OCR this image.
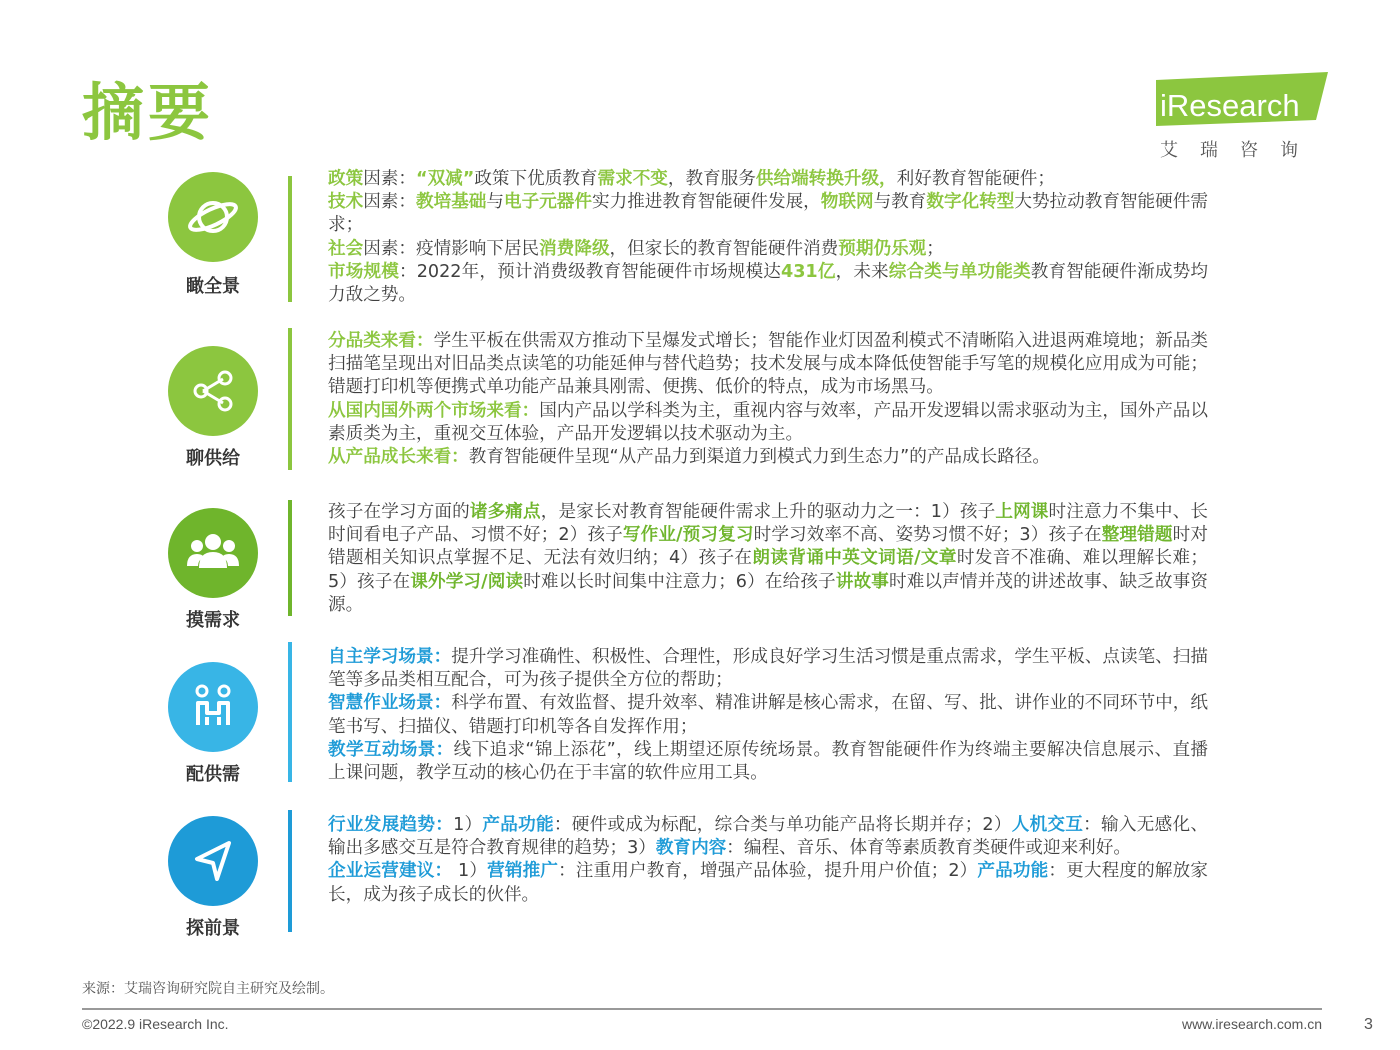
摘要	iResearch
艾瑞咨询
瞰全景
政策因素：“双减”政策下优质教育需求不变，教育服务供给端转换升级，利好教育智能硬件；
技术因素：教培基础与电子元器件实力推进教育智能硬件发展，物联网与教育数字化转型大势拉动教育智能硬件需求；
社会因素：疫情影响下居民消费降级，但家长的教育智能硬件消费预期仍乐观；
市场规模：2022年，预计消费级教育智能硬件市场规模达431亿，未来综合类与单功能类教育智能硬件渐成势均力敌之势。
聊供给
分品类来看：学生平板在供需双方推动下呈爆发式增长；智能作业灯因盈利模式不清晰陷入进退两难境地；新品类扫描笔呈现出对旧品类点读笔的功能延伸与替代趋势；技术发展与成本降低使智能手写笔的规模化应用成为可能；错题打印机等便携式单功能产品兼具刚需、便携、低价的特点，成为市场黑马。
从国内国外两个市场来看：国内产品以学科类为主，重视内容与效率，产品开发逻辑以需求驱动为主，国外产品以素质类为主，重视交互体验，产品开发逻辑以技术驱动为主。
从产品成长来看：教育智能硬件呈现“从产品力到渠道力到模式力到生态力”的产品成长路径。
摸需求
孩子在学习方面的诸多痛点，是家长对教育智能硬件需求上升的驱动力之一：1）孩子上网课时注意力不集中、长时间看电子产品、习惯不好；2）孩子写作业/预习复习时学习效率不高、姿势习惯不好；3）孩子在整理错题时对错题相关知识点掌握不足、无法有效归纳；4）孩子在朗读背诵中英文词语/文章时发音不准确、难以理解长难；5）孩子在课外学习/阅读时难以长时间集中注意力；6）在给孩子讲故事时难以声情并茂的讲述故事、缺乏故事资源。
配供需
自主学习场景：提升学习准确性、积极性、合理性，形成良好学习生活习惯是重点需求，学生平板、点读笔、扫描笔等多品类相互配合，可为孩子提供全方位的帮助；
智慧作业场景：科学布置、有效监督、提升效率、精准讲解是核心需求，在留、写、批、讲作业的不同环节中，纸笔书写、扫描仪、错题打印机等各自发挥作用；
教学互动场景：线下追求“锦上添花”，线上期望还原传统场景。教育智能硬件作为终端主要解决信息展示、直播上课问题，教学互动的核心仍在于丰富的软件应用工具。
探前景
行业发展趋势：1）产品功能：硬件或成为标配，综合类与单功能产品将长期并存；2）人机交互：输入无感化、输出多感交互是符合教育规律的趋势；3）教育内容：编程、音乐、体育等素质教育类硬件或迎来利好。
企业运营建议： 1）营销推广：注重用户教育，增强产品体验，提升用户价值；2）产品功能：更大程度的解放家长，成为孩子成长的伙伴。
来源：艾瑞咨询研究院自主研究及绘制。
©2022.9 iResearch Inc.	www.iresearch.com.cn	3
